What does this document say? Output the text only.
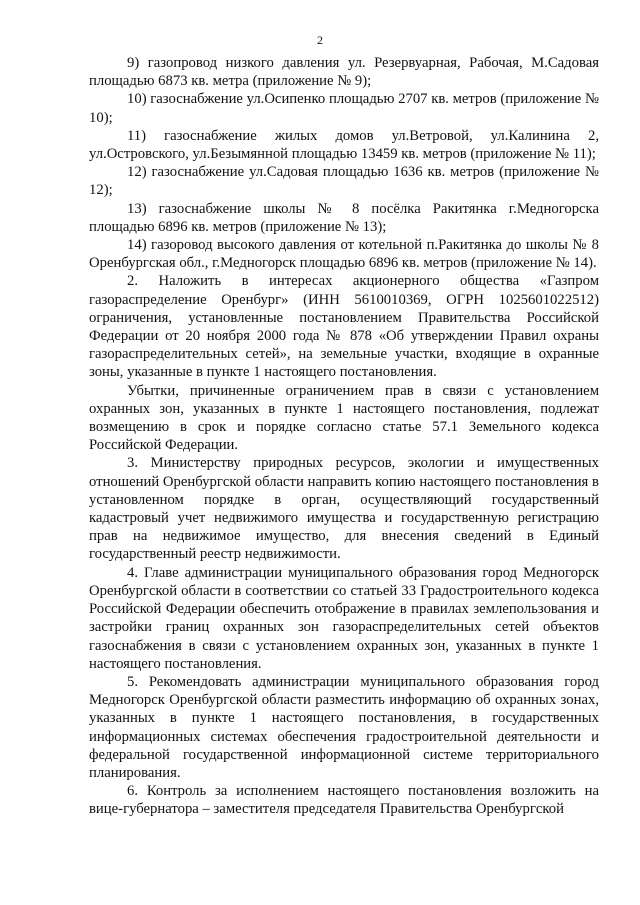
2

9) газопровод низкого давления ул. Резервуарная, Рабочая, М.Садовая площадью 6873 кв. метра (приложение № 9);

10) газоснабжение ул.Осипенко площадью 2707 кв. метров (приложение № 10);

11) газоснабжение жилых домов ул.Ветровой, ул.Калинина 2, ул.Островского, ул.Безымянной площадью 13459 кв. метров (приложение № 11);

12) газоснабжение ул.Садовая площадью 1636 кв. метров (приложение № 12);

13) газоснабжение школы № 8 посёлка Ракитянка г.Медногорска площадью 6896 кв. метров (приложение № 13);

14) газоровод высокого давления от котельной п.Ракитянка до школы № 8 Оренбургская обл., г.Медногорск площадью 6896 кв. метров (приложение № 14).

2. Наложить в интересах акционерного общества «Газпром газораспределение Оренбург» (ИНН 5610010369, ОГРН 1025601022512) ограничения, установленные постановлением Правительства Российской Федерации от 20 ноября 2000 года № 878 «Об утверждении Правил охраны газораспределительных сетей», на земельные участки, входящие в охранные зоны, указанные в пункте 1 настоящего постановления.

Убытки, причиненные ограничением прав в связи с установлением охранных зон, указанных в пункте 1 настоящего постановления, подлежат возмещению в срок и порядке согласно статье 57.1 Земельного кодекса Российской Федерации.

3. Министерству природных ресурсов, экологии и имущественных отношений Оренбургской области направить копию настоящего постановления в установленном порядке в орган, осуществляющий государственный кадастровый учет недвижимого имущества и государственную регистрацию прав на недвижимое имущество, для внесения сведений в Единый государственный реестр недвижимости.

4. Главе администрации муниципального образования город Медногорск Оренбургской области в соответствии со статьей 33 Градостроительного кодекса Российской Федерации обеспечить отображение в правилах землепользования и застройки границ охранных зон газораспределительных сетей объектов газоснабжения в связи с установлением охранных зон, указанных в пункте 1 настоящего постановления.

5. Рекомендовать администрации муниципального образования город Медногорск Оренбургской области разместить информацию об охранных зонах, указанных в пункте 1 настоящего постановления, в государственных информационных системах обеспечения градостроительной деятельности и федеральной государственной информационной системе территориального планирования.

6. Контроль за исполнением настоящего постановления возложить на вице-губернатора – заместителя председателя Правительства Оренбургской
